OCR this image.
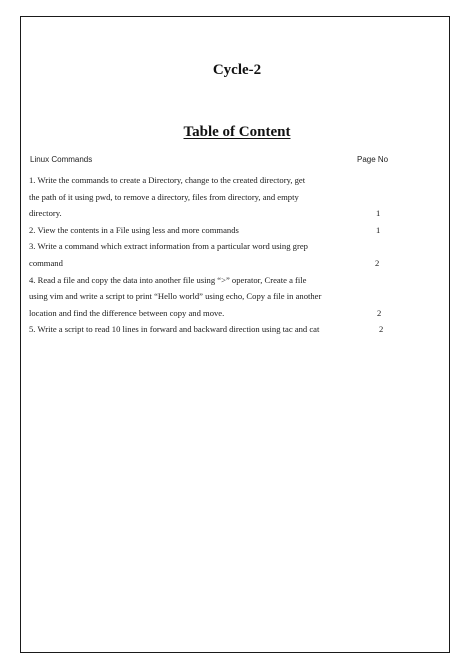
Cycle-2
Table of Content
Linux Commands	Page No
1. Write the commands to create a Directory, change to the created directory, get
the path of it using pwd, to remove a directory, files from directory, and empty
directory.	1
2. View the contents in a File using less and more commands	1
3. Write a command which extract information from a particular word using grep
command	2
4. Read a file and copy the data into another file using “>” operator, Create a file
using vim and write a script to print “Hello world” using echo, Copy a file in another
location and find the difference between copy and move.	2
5. Write a script to read 10 lines in forward and backward direction using tac and cat	2
